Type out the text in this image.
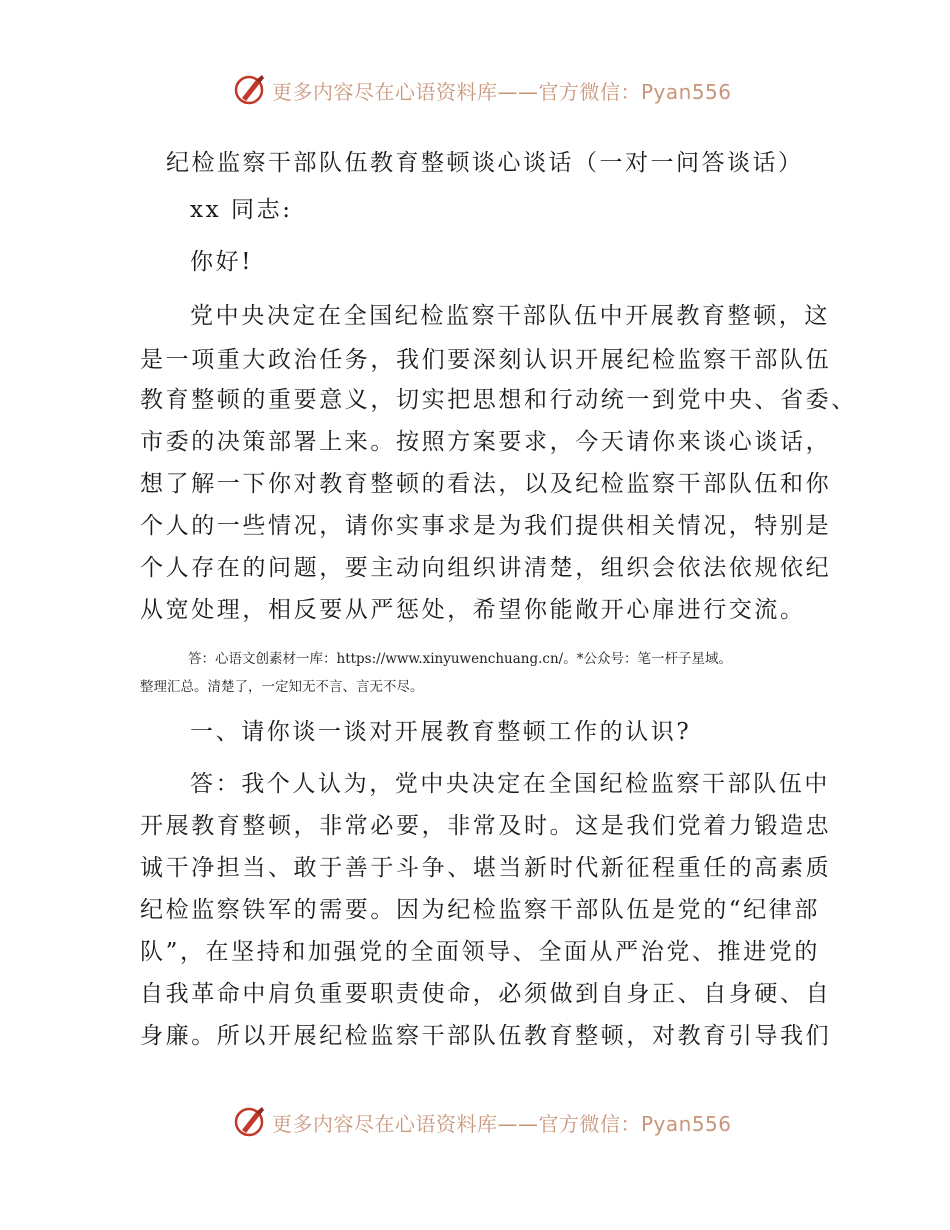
更多内容尽在心语资料库——官方微信：Pyan556
纪检监察干部队伍教育整顿谈心谈话（一对一问答谈话）
xx 同志:
你好!
党中央决定在全国纪检监察干部队伍中开展教育整顿，这
是一项重大政治任务，我们要深刻认识开展纪检监察干部队伍
教育整顿的重要意义，切实把思想和行动统一到党中央、省委、
市委的决策部署上来。按照方案要求，今天请你来谈心谈话，
想了解一下你对教育整顿的看法，以及纪检监察干部队伍和你
个人的一些情况，请你实事求是为我们提供相关情况，特别是
个人存在的问题，要主动向组织讲清楚，组织会依法依规依纪
从宽处理，相反要从严惩处，希望你能敞开心扉进行交流。
答：心语文创素材一库：https://www.xinyuwenchuang.cn/。*公众号：笔一杆子星域。
整理汇总。清楚了，一定知无不言、言无不尽。
一、请你谈一谈对开展教育整顿工作的认识?
答：我个人认为，党中央决定在全国纪检监察干部队伍中
开展教育整顿，非常必要，非常及时。这是我们党着力锻造忠
诚干净担当、敢于善于斗争、堪当新时代新征程重任的高素质
纪检监察铁军的需要。因为纪检监察干部队伍是党的“纪律部
队”，在坚持和加强党的全面领导、全面从严治党、推进党的
自我革命中肩负重要职责使命，必须做到自身正、自身硬、自
身廉。所以开展纪检监察干部队伍教育整顿，对教育引导我们
更多内容尽在心语资料库——官方微信：Pyan556
